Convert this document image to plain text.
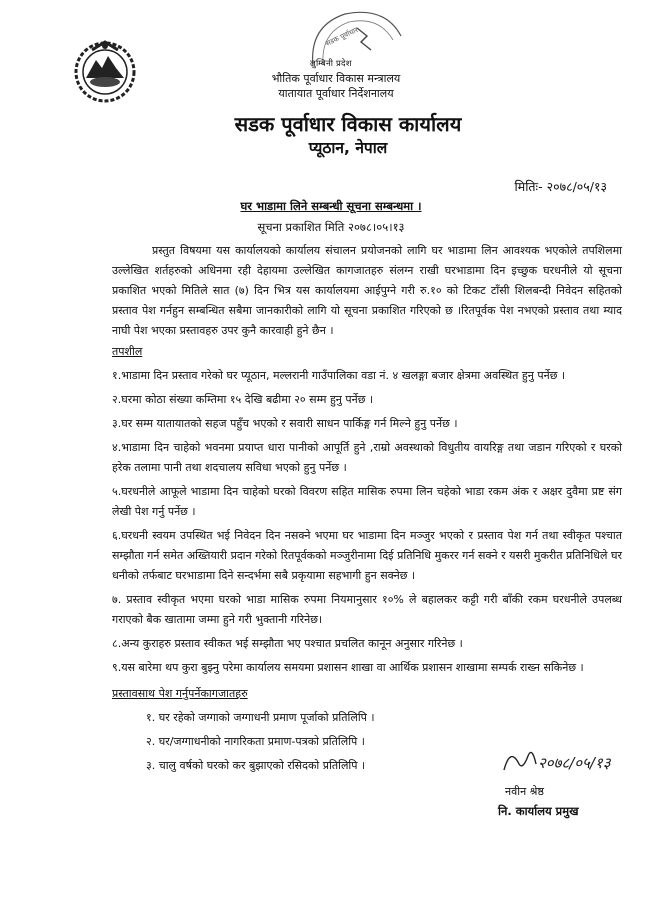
सडक पूर्वाधार
लुम्बिनी प्रदेश
भौतिक पूर्वाधार विकास मन्त्रालय
यातायात पूर्वाधार निर्देशनालय
सडक पूर्वाधार विकास कार्यालय
प्यूठान, नेपाल
मितिः- २०७८/०५/१३
घर भाडामा लिने सम्बन्धी सूचना सम्बन्धमा ।
सूचना प्रकाशित मिति २०७८।०५।१३

प्रस्तुत विषयमा यस कार्यालयको कार्यालय संचालन प्रयोजनको लागि घर भाडामा लिन आवश्यक भएकोले तपशिलमा उल्लेखित शर्तहरुको अधिनमा रही देहायमा उल्लेखित कागजातहरु संलग्न राखी घरभाडामा दिन इच्छुक घरधनीले यो सूचना प्रकाशित भएको मितिले सात (७) दिन भित्र यस कार्यालयमा आईपुग्ने गरी रु.१० को टिकट टाँसी शिलबन्दी निवेदन सहितको प्रस्ताव पेश गर्नहुन सम्बन्धित सबैमा जानकारीको लागि यो सूचना प्रकाशित गरिएको छ ।रितपूर्वक पेश नभएको प्रस्ताव तथा म्याद नाघी पेश भएका प्रस्तावहरु उपर कुनै कारवाही हुने छैन ।

तपशील

१.भाडामा दिन प्रस्ताव गरेको घर प्यूठान, मल्लरानी गाउँपालिका वडा नं. ४ खलङ्गा बजार क्षेत्रमा अवस्थित हुनु पर्नेछ ।

२.घरमा कोठा संख्या कम्तिमा १५ देखि बढीमा २० सम्म हुनु पर्नेछ ।

३.घर सम्म यातायातको सहज पहुँच भएको र सवारी साधन पार्किङ्ग गर्न मिल्ने हुनु पर्नेछ ।

४.भाडामा दिन चाहेको भवनमा प्रयाप्त धारा पानीको आपूर्ति हुने ,राम्रो अवस्थाको विधुतीय वायरिङ्ग तथा जडान गरिएको र घरको हरेक तलामा पानी तथा शदचालय सविधा भएको हुनु पर्नेछ ।

५.घरधनीले आफूले भाडामा दिन चाहेको घरको विवरण सहित मासिक रुपमा लिन चहेको भाडा रकम अंक र अक्षर दुवैमा प्रष्ट संग लेखी पेश गर्नु पर्नेछ ।

६.घरधनी स्वयम उपस्थित भई निवेदन दिन नसक्ने भएमा घर भाडामा दिन मञ्जुर भएको र प्रस्ताव पेश गर्न तथा स्वीकृत पश्चात सम्झौता गर्न समेत अख्तियारी प्रदान गरेको रितपूर्वकको मञ्जुरीनामा दिई प्रतिनिधि मुकरर गर्न सक्ने र यसरी मुकरीत प्रतिनिधिले घर धनीको तर्फबाट घरभाडामा दिने सन्दर्भमा सबै प्रकृयामा सहभागी हुन सक्नेछ ।

७. प्रस्ताव स्वीकृत भएमा घरको भाडा मासिक रुपमा नियमानुसार १०% ले बहालकर कट्टी गरी बाँकी रकम घरधनीले उपलब्ध गराएको बैक खातामा जम्मा हुने गरी भुक्तानी गरिनेछ।

८.अन्य कुराहरु प्रस्ताव स्वीकत भई सम्झौता भए पश्चात प्रचलित कानून अनुसार गरिनेछ ।

९.यस बारेमा थप कुरा बुझ्नु परेमा कार्यालय समयमा प्रशासन शाखा वा आर्थिक प्रशासन शाखामा सम्पर्क राख्न सकिनेछ ।

प्रस्तावसाथ पेश गर्नुपर्नेकागजातहरु

१. घर रहेको जग्गाको जग्गाधनी प्रमाण पूर्जाको प्रतिलिपि ।
२. घर/जग्गाधनीको नागरिकता प्रमाण-पत्रको प्रतिलिपि ।
३. चालु वर्षको घरको कर बुझाएको रसिदको प्रतिलिपि ।	२०७८/०५/१३
नवीन श्रेष्ठ
नि. कार्यालय प्रमुख
